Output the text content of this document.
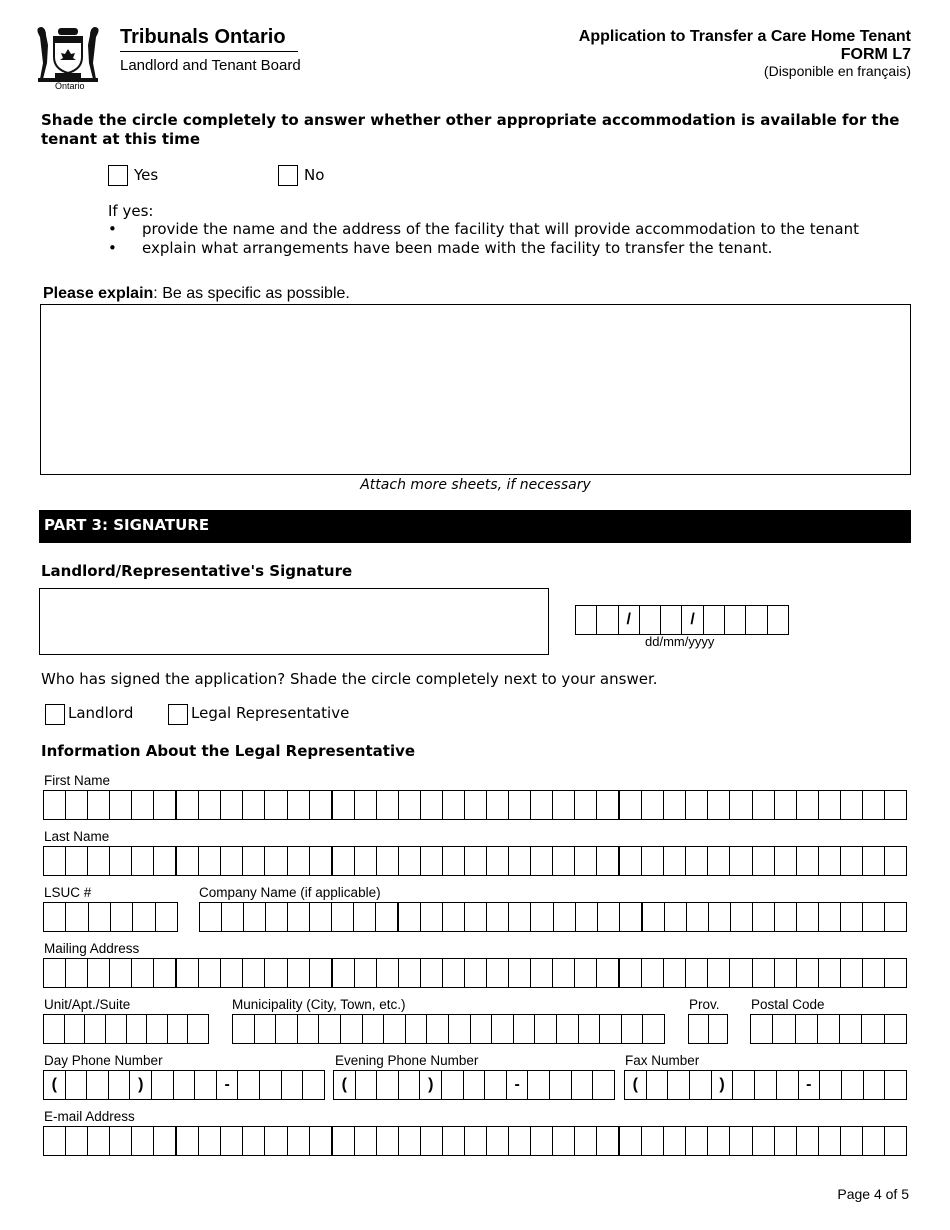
Ontario
Tribunals Ontario
Landlord and Tenant Board
Application to Transfer a Care Home Tenant
FORM L7
(Disponible en français)
Shade the circle completely to answer whether other appropriate accommodation is available for the tenant at this time
Yes	No
If yes:
• provide the name and the address of the facility that will provide accommodation to the tenant
• explain what arrangements have been made with the facility to transfer the tenant.
Please explain: Be as specific as possible.
Attach more sheets, if necessary
PART 3: SIGNATURE
Landlord/Representative's Signature
/	/
dd/mm/yyyy
Who has signed the application? Shade the circle completely next to your answer.
Landlord	Legal Representative
Information About the Legal Representative
First Name
Last Name
LSUC #	Company Name (if applicable)
Mailing Address
Unit/Apt./Suite	Municipality (City, Town, etc.)	Prov. Postal Code
Day Phone Number	Evening Phone Number	Fax Number
E-mail Address
(	)	-	(	)	-	(	)	-
Page 4 of 5
